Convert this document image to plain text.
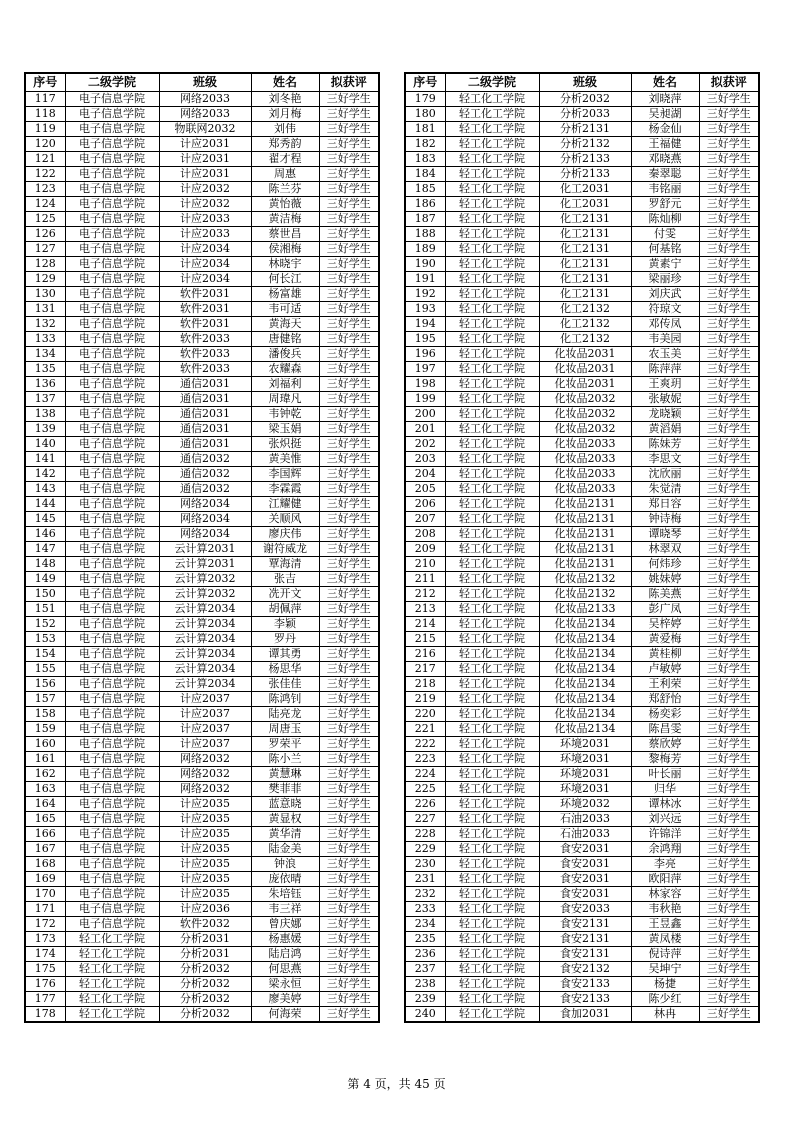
序号	二级学院	班级	姓名	拟获评
117	电子信息学院	网络2033	刘冬艳	三好学生
118	电子信息学院	网络2033	刘月梅	三好学生
119	电子信息学院	物联网2032	刘伟	三好学生
120	电子信息学院	计应2031	郑秀韵	三好学生
121	电子信息学院	计应2031	翟才程	三好学生
122	电子信息学院	计应2031	周惠	三好学生
123	电子信息学院	计应2032	陈兰芬	三好学生
124	电子信息学院	计应2032	黄怡薇	三好学生
125	电子信息学院	计应2033	黄洁梅	三好学生
126	电子信息学院	计应2033	蔡世昌	三好学生
127	电子信息学院	计应2034	侯湘梅	三好学生
128	电子信息学院	计应2034	林晓宇	三好学生
129	电子信息学院	计应2034	何长江	三好学生
130	电子信息学院	软件2031	杨富雄	三好学生
131	电子信息学院	软件2031	韦可适	三好学生
132	电子信息学院	软件2031	黄海天	三好学生
133	电子信息学院	软件2033	唐健铭	三好学生
134	电子信息学院	软件2033	潘俊兵	三好学生
135	电子信息学院	软件2033	农耀森	三好学生
136	电子信息学院	通信2031	刘福利	三好学生
137	电子信息学院	通信2031	周瑋凡	三好学生
138	电子信息学院	通信2031	韦钟乾	三好学生
139	电子信息学院	通信2031	梁玉娟	三好学生
140	电子信息学院	通信2031	张炽挺	三好学生
141	电子信息学院	通信2032	黄美惟	三好学生
142	电子信息学院	通信2032	李国辉	三好学生
143	电子信息学院	通信2032	李霖霞	三好学生
144	电子信息学院	网络2034	江耀健	三好学生
145	电子信息学院	网络2034	关顺风	三好学生
146	电子信息学院	网络2034	廖庆伟	三好学生
147	电子信息学院	云计算2031	谢符威龙	三好学生
148	电子信息学院	云计算2031	覃海清	三好学生
149	电子信息学院	云计算2032	张吉	三好学生
150	电子信息学院	云计算2032	冼开文	三好学生
151	电子信息学院	云计算2034	胡佩萍	三好学生
152	电子信息学院	云计算2034	李颖	三好学生
153	电子信息学院	云计算2034	罗丹	三好学生
154	电子信息学院	云计算2034	谭其勇	三好学生
155	电子信息学院	云计算2034	杨思华	三好学生
156	电子信息学院	云计算2034	张佳佳	三好学生
157	电子信息学院	计应2037	陈鸿钊	三好学生
158	电子信息学院	计应2037	陆亮龙	三好学生
159	电子信息学院	计应2037	周唐玉	三好学生
160	电子信息学院	计应2037	罗荣平	三好学生
161	电子信息学院	网络2032	陈小兰	三好学生
162	电子信息学院	网络2032	黄慧琳	三好学生
163	电子信息学院	网络2032	樊菲菲	三好学生
164	电子信息学院	计应2035	蓝意晓	三好学生
165	电子信息学院	计应2035	黄显权	三好学生
166	电子信息学院	计应2035	黄华清	三好学生
167	电子信息学院	计应2035	陆金美	三好学生
168	电子信息学院	计应2035	钟浪	三好学生
169	电子信息学院	计应2035	庞依晴	三好学生
170	电子信息学院	计应2035	朱培钰	三好学生
171	电子信息学院	计应2036	韦三祥	三好学生
172	电子信息学院	软件2032	曾庆娜	三好学生
173	轻工化工学院	分析2031	杨惠媛	三好学生
174	轻工化工学院	分析2031	陆启鸿	三好学生
175	轻工化工学院	分析2032	何思燕	三好学生
176	轻工化工学院	分析2032	梁永恒	三好学生
177	轻工化工学院	分析2032	廖美婷	三好学生
178	轻工化工学院	分析2032	何海荣	三好学生
序号	二级学院	班级	姓名	拟获评
179	轻工化工学院	分析2032	刘晓萍	三好学生
180	轻工化工学院	分析2033	吴昶湖	三好学生
181	轻工化工学院	分析2131	杨金仙	三好学生
182	轻工化工学院	分析2132	王福健	三好学生
183	轻工化工学院	分析2133	邓晓燕	三好学生
184	轻工化工学院	分析2133	秦翠聪	三好学生
185	轻工化工学院	化工2031	韦铭丽	三好学生
186	轻工化工学院	化工2031	罗舒元	三好学生
187	轻工化工学院	化工2131	陈灿柳	三好学生
188	轻工化工学院	化工2131	付雯	三好学生
189	轻工化工学院	化工2131	何基铭	三好学生
190	轻工化工学院	化工2131	黄素宁	三好学生
191	轻工化工学院	化工2131	梁丽珍	三好学生
192	轻工化工学院	化工2131	刘庆武	三好学生
193	轻工化工学院	化工2132	符琼文	三好学生
194	轻工化工学院	化工2132	邓传凤	三好学生
195	轻工化工学院	化工2132	韦美园	三好学生
196	轻工化工学院	化妆品2031	农玉美	三好学生
197	轻工化工学院	化妆品2031	陈萍萍	三好学生
198	轻工化工学院	化妆品2031	王爽玥	三好学生
199	轻工化工学院	化妆品2032	张敏妮	三好学生
200	轻工化工学院	化妆品2032	龙晓颖	三好学生
201	轻工化工学院	化妆品2032	黄滔娟	三好学生
202	轻工化工学院	化妆品2033	陈妹芳	三好学生
203	轻工化工学院	化妆品2033	李思文	三好学生
204	轻工化工学院	化妆品2033	沈欣丽	三好学生
205	轻工化工学院	化妆品2033	朱觉清	三好学生
206	轻工化工学院	化妆品2131	郑日容	三好学生
207	轻工化工学院	化妆品2131	钟诗梅	三好学生
208	轻工化工学院	化妆品2131	谭晓琴	三好学生
209	轻工化工学院	化妆品2131	林翠双	三好学生
210	轻工化工学院	化妆品2131	何炜珍	三好学生
211	轻工化工学院	化妆品2132	姚妹婷	三好学生
212	轻工化工学院	化妆品2132	陈美燕	三好学生
213	轻工化工学院	化妆品2133	彭广凤	三好学生
214	轻工化工学院	化妆品2134	吴梓婷	三好学生
215	轻工化工学院	化妆品2134	黄爱梅	三好学生
216	轻工化工学院	化妆品2134	黄桂柳	三好学生
217	轻工化工学院	化妆品2134	卢敏婷	三好学生
218	轻工化工学院	化妆品2134	王利荣	三好学生
219	轻工化工学院	化妆品2134	郑舒怡	三好学生
220	轻工化工学院	化妆品2134	杨奕彩	三好学生
221	轻工化工学院	化妆品2134	陈昌雯	三好学生
222	轻工化工学院	环境2031	蔡欣婷	三好学生
223	轻工化工学院	环境2031	黎梅芳	三好学生
224	轻工化工学院	环境2031	叶长丽	三好学生
225	轻工化工学院	环境2031	归华	三好学生
226	轻工化工学院	环境2032	谭林冰	三好学生
227	轻工化工学院	石油2033	刘兴远	三好学生
228	轻工化工学院	石油2033	许锦洋	三好学生
229	轻工化工学院	食安2031	余鸿翔	三好学生
230	轻工化工学院	食安2031	李亮	三好学生
231	轻工化工学院	食安2031	欧阳萍	三好学生
232	轻工化工学院	食安2031	林家容	三好学生
233	轻工化工学院	食安2033	韦秋艳	三好学生
234	轻工化工学院	食安2131	王昱鑫	三好学生
235	轻工化工学院	食安2131	黄凤楼	三好学生
236	轻工化工学院	食安2131	倪诗萍	三好学生
237	轻工化工学院	食安2132	吴坤宁	三好学生
238	轻工化工学院	食安2133	杨捷	三好学生
239	轻工化工学院	食安2133	陈少红	三好学生
240	轻工化工学院	食加2031	林冉	三好学生
第 4 页，共 45 页
